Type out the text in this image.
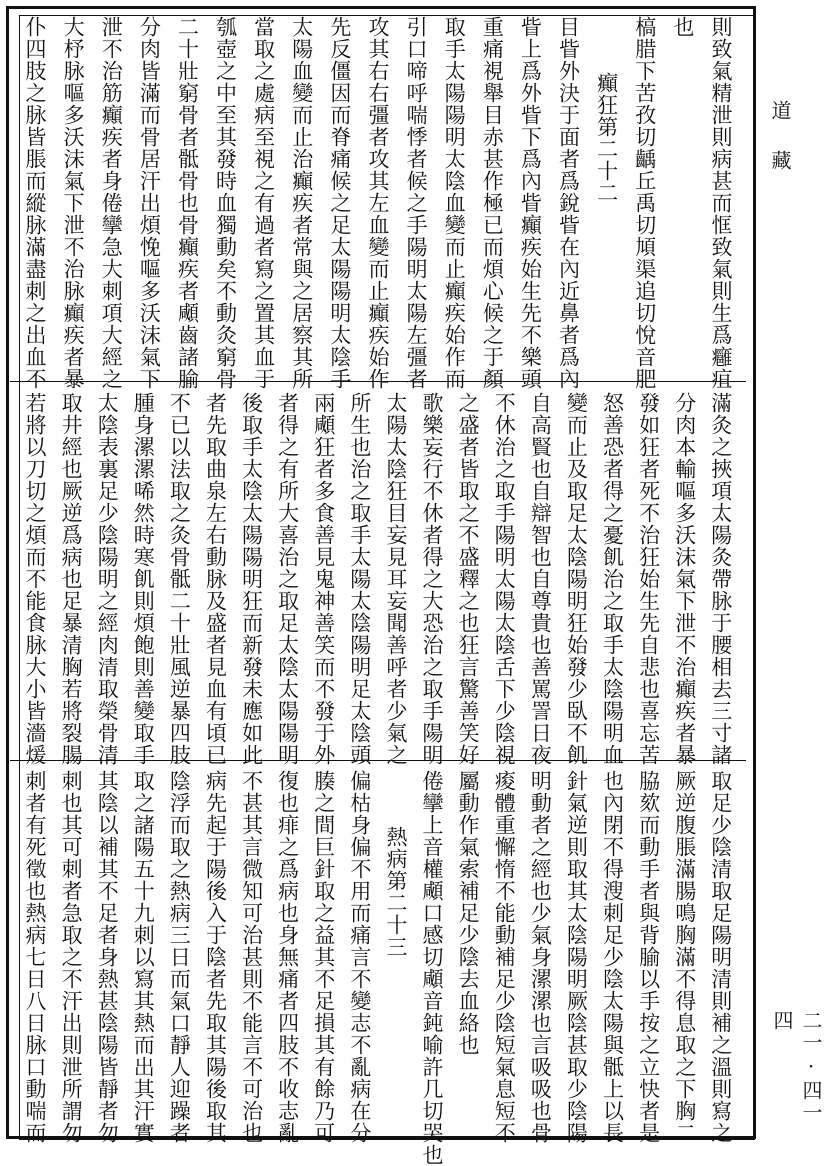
則致氣精泄則病甚而恇致氣則生爲癰疽
也
槁腊下苦孜切齲丘禹切頄渠追切悅音肥
癲狂第二十二
目眥外決于面者爲銳眥在內近鼻者爲內
眥上爲外眥下爲內眥癲疾始生先不樂頭
重痛視舉目赤甚作極已而煩心候之于顏
取手太陽陽明太陰血變而止癲疾始作而
引口啼呼喘悸者候之手陽明太陽左彊者
攻其右右彊者攻其左血變而止癲疾始作
先反僵因而脊痛候之足太陽陽明太陰手
太陽血變而止治癲疾者常與之居察其所
當取之處病至視之有過者寫之置其血于
瓠壺之中至其發時血獨動矣不動灸窮骨
二十壯窮骨者骶骨也骨癲疾者顑齒諸腧
分肉皆滿而骨居汗出煩悗嘔多沃沫氣下
泄不治筋癲疾者身倦攣急大刺項大經之
大杼脉嘔多沃沫氣下泄不治脉癲疾者暴
仆四肢之脉皆脹而縱脉滿盡刺之出血不
滿灸之挾項太陽灸帶脉于腰相去三寸諸
分肉本輸嘔多沃沫氣下泄不治癲疾者暴
發如狂者死不治狂始生先自悲也喜忘苦
怒善恐者得之憂飢治之取手太陰陽明血
變而止及取足太陰陽明狂始發少臥不飢
自高賢也自辯智也自尊貴也善罵詈日夜
不休治之取手陽明太陽太陰舌下少陰視
之盛者皆取之不盛釋之也狂言驚善笑好
歌樂妄行不休者得之大恐治之取手陽明
太陽太陰狂目妄見耳妄聞善呼者少氣之
所生也治之取手太陽太陰陽明足太陰頭
兩顑狂者多食善見鬼神善笑而不發于外
者得之有所大喜治之取足太陰太陽陽明
後取手太陰太陽陽明狂而新發未應如此
者先取曲泉左右動脉及盛者見血有頃已
不已以法取之灸骨骶二十壯風逆暴四肢
腫身漯漯唏然時寒飢則煩飽則善變取手
太陰表裏足少陰陽明之經肉清取榮骨清
取井經也厥逆爲病也足暴清胸若將裂腸
若將以刀切之煩而不能食脉大小皆濇煖
取足少陰清取足陽明清則補之溫則寫之
厥逆腹脹滿腸鳴胸滿不得息取之下胸二
脇欬而動手者與背腧以手按之立快者是
也內閉不得溲刺足少陰太陽與骶上以長
針氣逆則取其太陰陽明厥陰甚取少陰陽
明動者之經也少氣身漯漯也言吸吸也骨
痠體重懈惰不能動補足少陰短氣息短不
屬動作氣索補足少陰去血絡也
倦攣上音權顑口感切顑音鈍喻許几切哭也
熱病第二十三
偏枯身偏不用而痛言不變志不亂病在分
腠之間巨針取之益其不足損其有餘乃可
復也痱之爲病也身無痛者四肢不收志亂
不甚其言微知可治甚則不能言不可治也
病先起于陽後入于陰者先取其陽後取其
陰浮而取之熱病三日而氣口靜人迎躁者
取之諸陽五十九刺以寫其熱而出其汗實
其陰以補其不足者身熱甚陰陽皆靜者勿
刺也其可刺者急取之不汗出則泄所謂勿
刺者有死徵也熱病七日八日脉口動喘而
道藏
二一·四一四
